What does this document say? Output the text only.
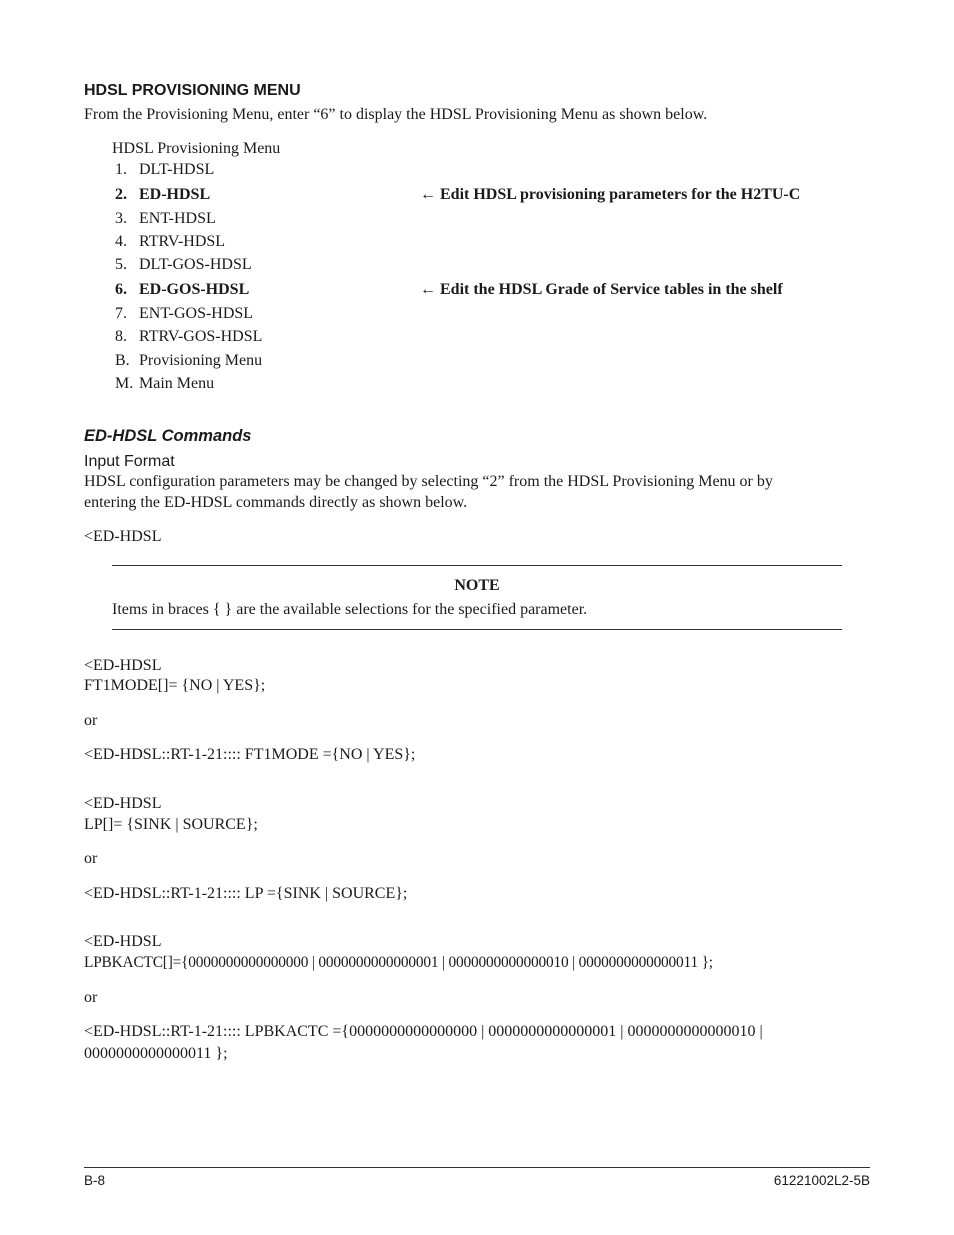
HDSL PROVISIONING MENU
From the Provisioning Menu, enter “6” to display the HDSL Provisioning Menu as shown below.
HDSL Provisioning Menu
1. DLT-HDSL
2. ED-HDSL	← Edit HDSL provisioning parameters for the H2TU-C
3. ENT-HDSL
4. RTRV-HDSL
5. DLT-GOS-HDSL
6. ED-GOS-HDSL	← Edit the HDSL Grade of Service tables in the shelf
7. ENT-GOS-HDSL
8. RTRV-GOS-HDSL
B. Provisioning Menu
M. Main Menu
ED-HDSL Commands
Input Format
HDSL configuration parameters may be changed by selecting “2” from the HDSL Provisioning Menu or by
entering the ED-HDSL commands directly as shown below.
<ED-HDSL
NOTE
Items in braces { } are the available selections for the specified parameter.
<ED-HDSL
FT1MODE[]= {NO | YES};
or
<ED-HDSL::RT-1-21:::: FT1MODE ={NO | YES};
<ED-HDSL
LP[]= {SINK | SOURCE};
or
<ED-HDSL::RT-1-21:::: LP ={SINK | SOURCE};
<ED-HDSL
LPBKACTC[]={0000000000000000 | 0000000000000001 | 0000000000000010 | 0000000000000011 };
or
<ED-HDSL::RT-1-21:::: LPBKACTC ={0000000000000000 | 0000000000000001 | 0000000000000010 |
0000000000000011 };
B-8	61221002L2-5B
